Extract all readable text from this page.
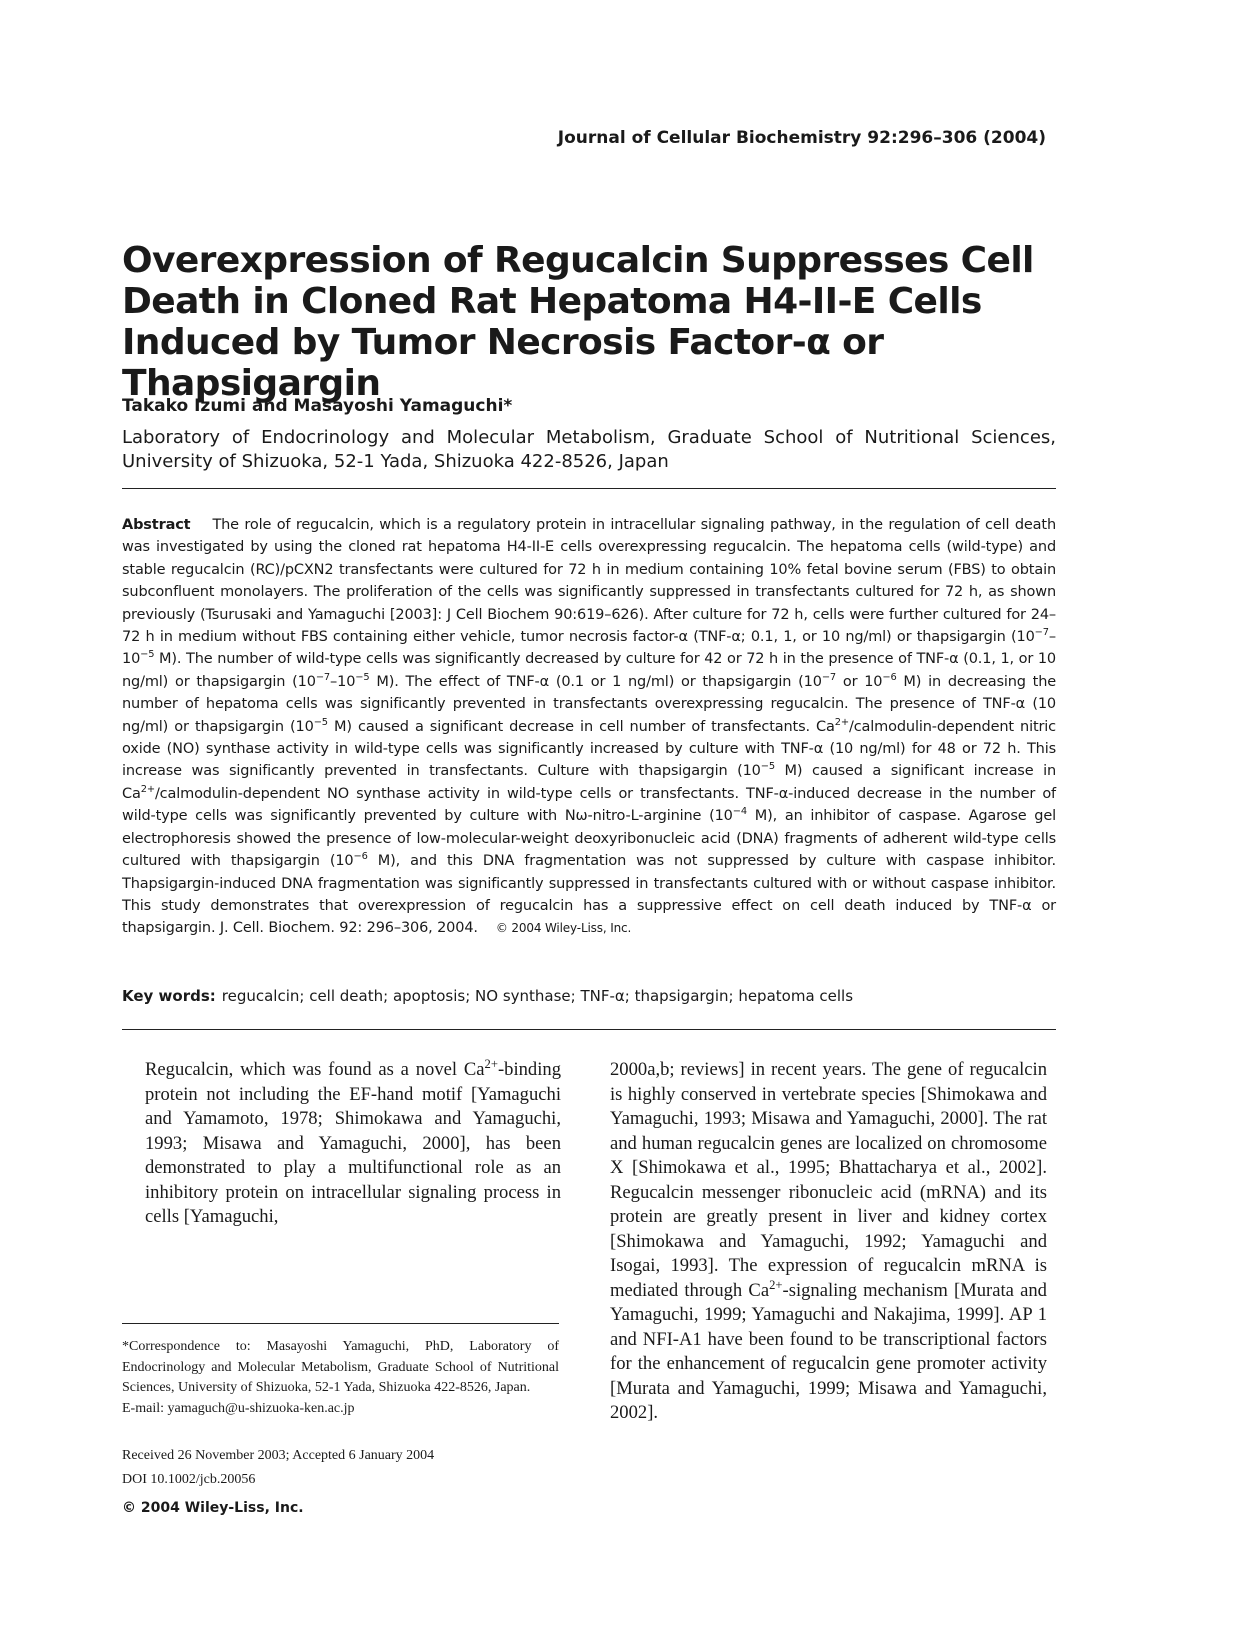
Journal of Cellular Biochemistry 92:296–306 (2004)
Overexpression of Regucalcin Suppresses Cell Death in Cloned Rat Hepatoma H4-II-E Cells Induced by Tumor Necrosis Factor-α or Thapsigargin
Takako Izumi and Masayoshi Yamaguchi*
Laboratory of Endocrinology and Molecular Metabolism, Graduate School of Nutritional Sciences, University of Shizuoka, 52-1 Yada, Shizuoka 422-8526, Japan

Abstract The role of regucalcin, which is a regulatory protein in intracellular signaling pathway, in the regulation of cell death was investigated by using the cloned rat hepatoma H4-II-E cells overexpressing regucalcin. The hepatoma cells (wild-type) and stable regucalcin (RC)/pCXN2 transfectants were cultured for 72 h in medium containing 10% fetal bovine serum (FBS) to obtain subconfluent monolayers. The proliferation of the cells was significantly suppressed in transfectants cultured for 72 h, as shown previously (Tsurusaki and Yamaguchi [2003]: J Cell Biochem 90:619–626). After culture for 72 h, cells were further cultured for 24–72 h in medium without FBS containing either vehicle, tumor necrosis factor-α (TNF-α; 0.1, 1, or 10 ng/ml) or thapsigargin ($10^{-7}-10^{-5}$ M). The number of wild-type cells was significantly decreased by culture for 42 or 72 h in the presence of TNF-α (0.1, 1, or 10 ng/ml) or thapsigargin ($10^{-7}-10^{-5}$ M). The effect of TNF-α (0.1 or 1 ng/ml) or thapsigargin ($10^{-7}$ or $10^{-6}$ M) in decreasing the number of hepatoma cells was significantly prevented in transfectants overexpressing regucalcin. The presence of TNF-α (10 ng/ml) or thapsigargin ($10^{-5}$ M) caused a significant decrease in cell number of transfectants. $Ca^{2+}/calmodulin$-dependent nitric oxide (NO) synthase activity in wild-type cells was significantly increased by culture with TNF-α (10 ng/ml) for 48 or 72 h. This increase was significantly prevented in transfectants. Culture with thapsigargin ($10^{-5}$ M) caused a significant increase in $Ca^{2+}/calmodulin$-dependent NO synthase activity in wild-type cells or transfectants. TNF-α-induced decrease in the number of wild-type cells was significantly prevented by culture with Nω-nitro-L-arginine ($10^{-4}$ M), an inhibitor of caspase. Agarose gel electrophoresis showed the presence of low-molecular-weight deoxyribonucleic acid (DNA) fragments of adherent wild-type cells cultured with thapsigargin ($10^{-6}$ M), and this DNA fragmentation was not suppressed by culture with caspase inhibitor. Thapsigargin-induced DNA fragmentation was significantly suppressed in transfectants cultured with or without caspase inhibitor. This study demonstrates that overexpression of regucalcin has a suppressive effect on cell death induced by TNF-α or thapsigargin. J. Cell. Biochem. 92: 296–306, 2004. © 2004 Wiley-Liss, Inc.

Key words: regucalcin; cell death; apoptosis; NO synthase; TNF-α; thapsigargin; hepatoma cells

Regucalcin, which was found as a novel $Ca^{2+}$-binding protein not including the EF-hand motif [Yamaguchi and Yamamoto, 1978; Shimokawa and Yamaguchi, 1993; Misawa and Yamaguchi, 2000], has been demonstrated to play a multifunctional role as an inhibitory protein on intracellular signaling process in cells [Yamaguchi,

2000a,b; reviews] in recent years. The gene of regucalcin is highly conserved in vertebrate species [Shimokawa and Yamaguchi, 1993; Misawa and Yamaguchi, 2000]. The rat and human regucalcin genes are localized on chromosome X [Shimokawa et al., 1995; Bhattacharya et al., 2002]. Regucalcin messenger ribonucleic acid (mRNA) and its protein are greatly present in liver and kidney cortex [Shimokawa and Yamaguchi, 1992; Yamaguchi and Isogai, 1993]. The expression of regucalcin mRNA is mediated through $Ca^{2+}$-signaling mechanism [Murata and Yamaguchi, 1999; Yamaguchi and Nakajima, 1999]. AP 1 and NFI-A1 have been found to be transcriptional factors for the enhancement of regucalcin gene promoter activity [Murata and Yamaguchi, 1999; Misawa and Yamaguchi, 2002].

*Correspondence to: Masayoshi Yamaguchi, PhD, Laboratory of Endocrinology and Molecular Metabolism, Graduate School of Nutritional Sciences, University of Shizuoka, 52-1 Yada, Shizuoka 422-8526, Japan.
E-mail: yamaguch@u-shizuoka-ken.ac.jp

Received 26 November 2003; Accepted 6 January 2004

DOI 10.1002/jcb.20056

© 2004 Wiley-Liss, Inc.
